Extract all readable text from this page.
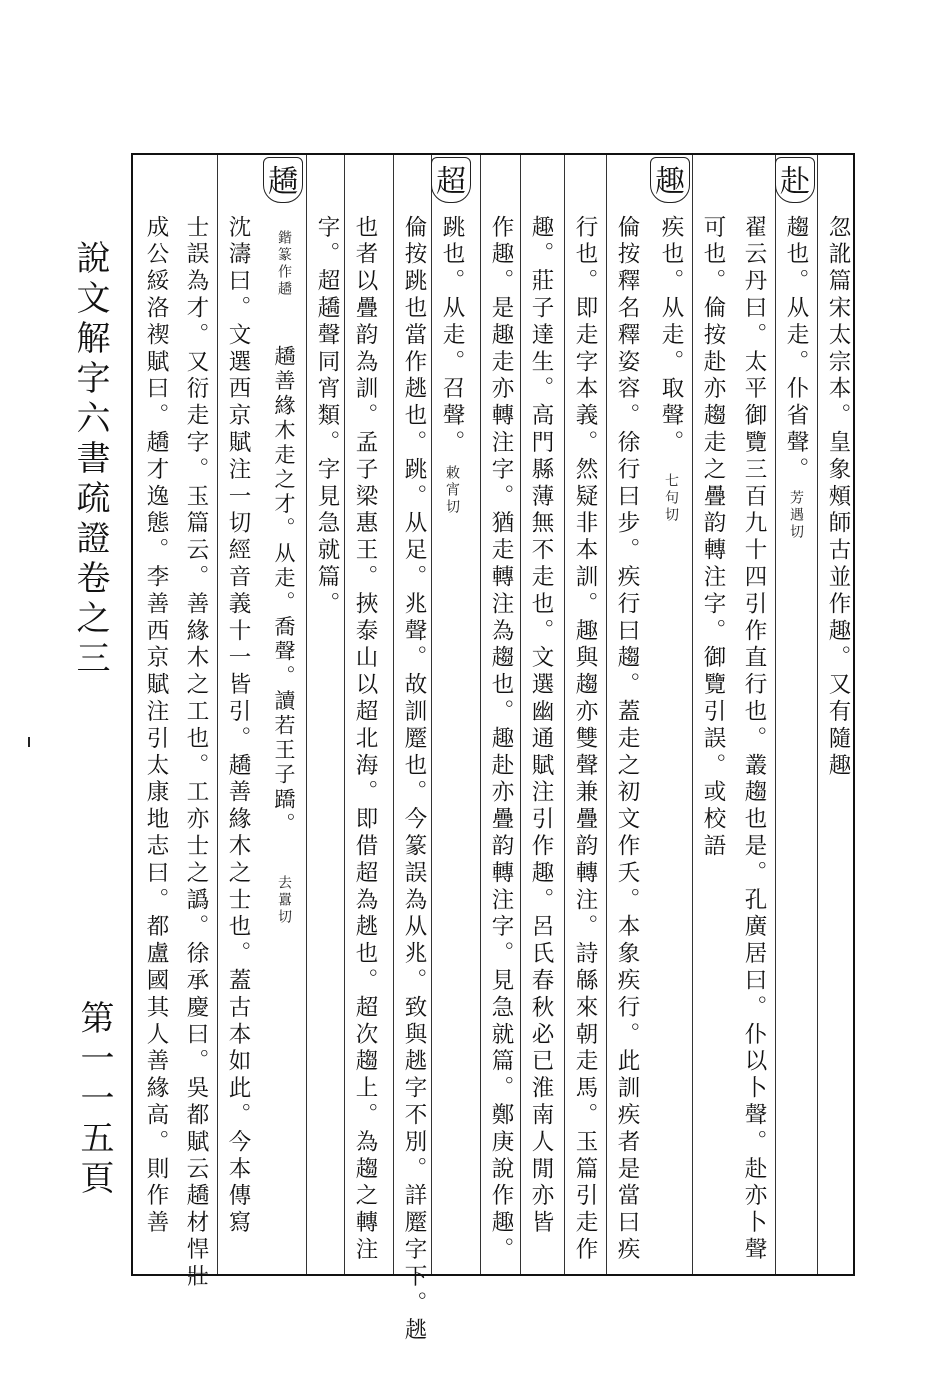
說文解字六書疏證卷之三
第一一五頁
忽訛篇宋太宗本。皇象頰師古並作趣。又有隨趣
赴
趨也。从走。仆省聲。
芳遇切
翟云丹曰。太平御覽三百九十四引作直行也。叢趨也是。孔廣居曰。仆以卜聲。赴亦卜聲
可也。倫按赴亦趨走之疊韵轉注字。御覽引誤。或校語
趣
疾也。从走。取聲。
七句切
倫按釋名釋姿容。徐行曰步。疾行曰趨。蓋走之初文作夭。本象疾行。此訓疾者是當曰疾
行也。即走字本義。然疑非本訓。趣與趨亦雙聲兼疊韵轉注。詩緜來朝走馬。玉篇引走作
趣。莊子達生。高門縣薄無不走也。文選幽通賦注引作趣。呂氏春秋必已淮南人閒亦皆
作趣。是趣走亦轉注字。猶走轉注為趨也。趣赴亦疊韵轉注字。見急就篇。鄭庚說作趣。
超
跳也。从走。召聲。
敕宵切
倫按跳也當作趒也。跳。从足。兆聲。故訓蹷也。今篆誤為从兆。致與趒字不別。詳蹷字下。趒
也者以疊韵為訓。孟子梁惠王。挾泰山以超北海。即借超為趒也。超次趨上。為趨之轉注
字。超趫聲同宵類。字見急就篇。
趫
鍇篆作趫
趫善緣木走之才。从走。喬聲。讀若王子蹻。
去囂切
沈濤曰。文選西京賦注一切經音義十一皆引。趫善緣木之士也。蓋古本如此。今本傳寫
士誤為才。又衍走字。玉篇云。善緣木之工也。工亦士之譌。徐承慶曰。吳都賦云趫材悍壯
成公綏洛禊賦曰。趫才逸態。李善西京賦注引太康地志曰。都盧國其人善緣高。則作善
